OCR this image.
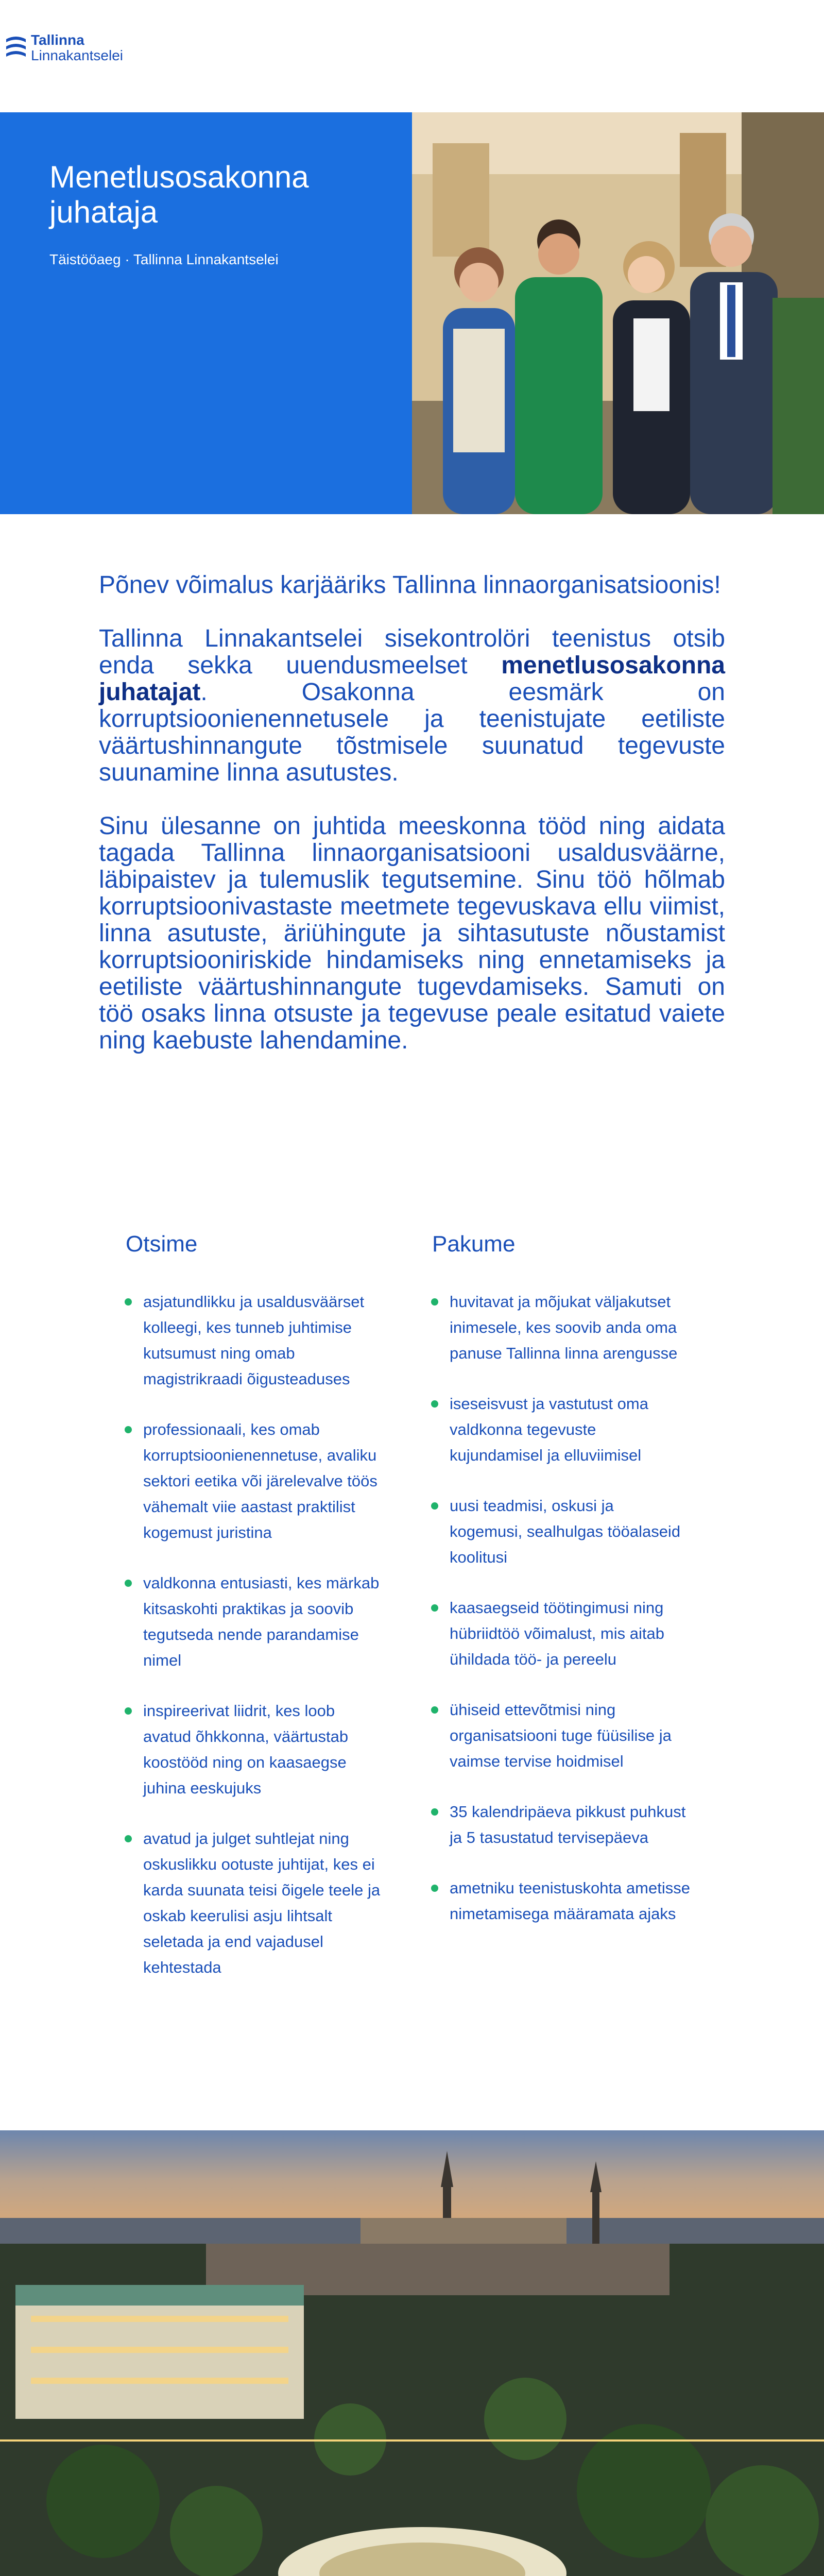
Tallinna
Linnakantselei
Menetlusosakonna juhataja
Täistööaeg · Tallinna Linnakantselei

Põnev võimalus karjääriks Tallinna linnaorganisatsioonis!

Tallinna Linnakantselei sisekontrolöri teenistus otsib enda sekka uuendusmeelset menetlusosakonna juhatajat. Osakonna eesmärk on korruptsioonienennetusele ja teenistujate eetiliste väärtushinnangute tõstmisele suunatud tegevuste suunamine linna asutustes.

Sinu ülesanne on juhtida meeskonna tööd ning aidata tagada Tallinna linnaorganisatsiooni usaldusväärne, läbipaistev ja tulemuslik tegutsemine. Sinu töö hõlmab korruptsioonivastaste meetmete tegevuskava ellu viimist, linna asutuste, äriühingute ja sihtasutuste nõustamist korruptsiooniriskide hindamiseks ning ennetamiseks ja eetiliste väärtushinnangute tugevdamiseks. Samuti on töö osaks linna otsuste ja tegevuse peale esitatud vaiete ning kaebuste lahendamine.

Otsime
asjatundlikku ja usaldusväärset kolleegi, kes tunneb juhtimise kutsumust ning omab magistrikraadi õigusteaduses
professionaali, kes omab korruptsioonienennetuse, avaliku sektori eetika või järelevalve töös vähemalt viie aastast praktilist kogemust juristina
valdkonna entusiasti, kes märkab kitsaskohti praktikas ja soovib tegutseda nende parandamise nimel
inspireerivat liidrit, kes loob avatud õhkkonna, väärtustab koostööd ning on kaasaegse juhina eeskujuks
avatud ja julget suhtlejat ning oskuslikku ootuste juhtijat, kes ei karda suunata teisi õigele teele ja oskab keerulisi asju lihtsalt seletada ja end vajadusel kehtestada
Pakume
huvitavat ja mõjukat väljakutset inimesele, kes soovib anda oma panuse Tallinna linna arengusse
iseseisvust ja vastutust oma valdkonna tegevuste kujundamisel ja elluviimisel
uusi teadmisi, oskusi ja kogemusi, sealhulgas tööalaseid koolitusi
kaasaegseid töötingimusi ning hübriidtöö võimalust, mis aitab ühildada töö- ja pereelu
ühiseid ettevõtmisi ning organisatsiooni tuge füüsilise ja vaimse tervise hoidmisel
35 kalendripäeva pikkust puhkust ja 5 tasustatud tervisepäeva
ametniku teenistuskohta ametisse nimetamisega määramata ajaks
